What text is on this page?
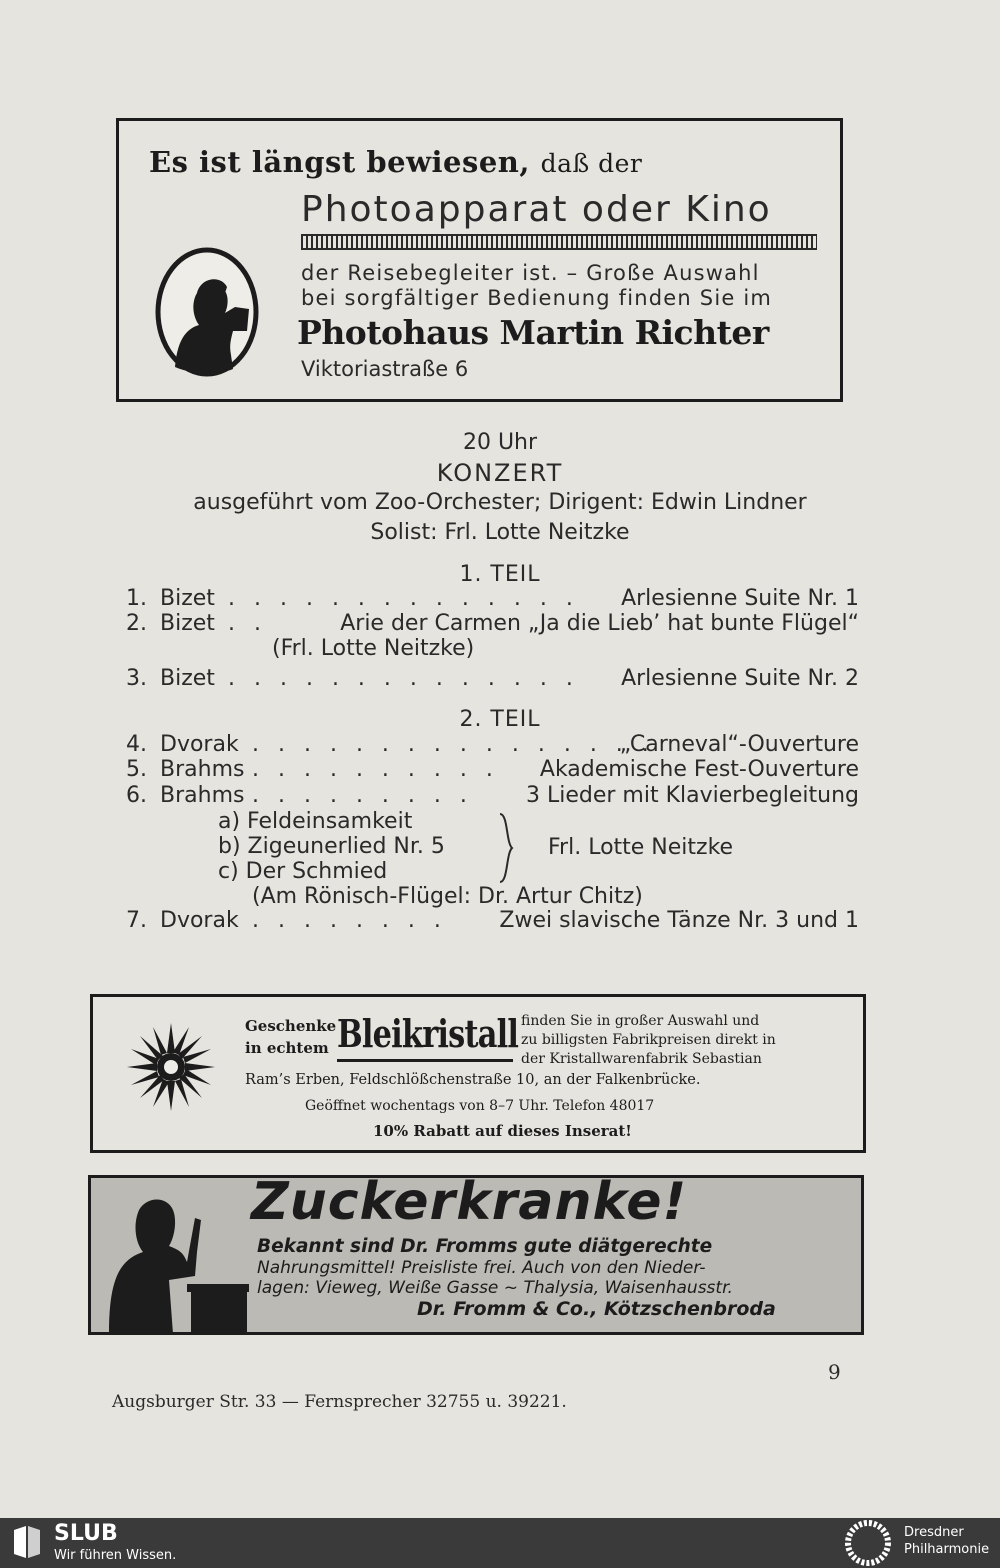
Es ist längst bewiesen, daß der
Photoapparat oder Kino
der Reisebegleiter ist. – Große Auswahl
bei sorgfältiger Bedienung finden Sie im
Photohaus Martin Richter
Viktoriastraße 6
20 Uhr
KONZERT
ausgeführt vom Zoo-Orchester; Dirigent: Edwin Lindner
Solist: Frl. Lotte Neitzke
1. TEIL
1. Bizet . . . . . . . . . . . . . . Arlesienne Suite Nr. 1
2. Bizet . .	Arie der Carmen „Ja die Lieb’ hat bunte Flügel“
(Frl. Lotte Neitzke)
3. Bizet . . . . . . . . . . . . . . Arlesienne Suite Nr. 2
2. TEIL
4. Dvorak . . . . . . . . . . . . . . . .
„Carneval“-Ouverture
5. Brahms . . . . . . . . . . Akademische Fest-Ouverture
6. Brahms . . . . . . . . . 3 Lieder mit Klavierbegleitung
a) Feldeinsamkeit
b) Zigeunerlied Nr. 5
c) Der Schmied
Frl. Lotte Neitzke
(Am Rönisch-Flügel: Dr. Artur Chitz)
7. Dvorak . . . . . . . . Zwei slavische Tänze Nr. 3 und 1
Geschenke
in echtem Bleikristall finden Sie in großer Auswahl und
zu billigsten Fabrikpreisen direkt in
der Kristallwarenfabrik Sebastian
Ram’s Erben, Feldschlößchenstraße 10, an der Falkenbrücke.
Geöffnet wochentags von 8–7 Uhr. Telefon 48017
10% Rabatt auf dieses Inserat!
Zuckerkranke!
Bekannt sind Dr. Fromms gute diätgerechte
Nahrungsmittel! Preisliste frei. Auch von den Nieder-
lagen: Vieweg, Weiße Gasse ~ Thalysia, Waisenhausstr.
Dr. Fromm & Co., Kötzschenbroda
9
Augsburger Str. 33 — Fernsprecher 32755 u. 39221.
SLUB
Wir führen Wissen.
Dresdner
Philharmonie
